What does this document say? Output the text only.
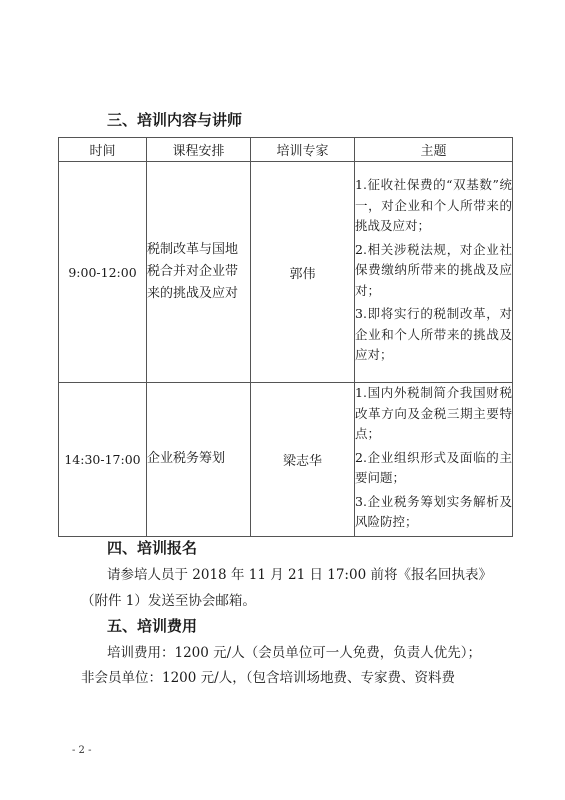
三、培训内容与讲师
时间	课程安排	培训专家	主题
9:00-12:00	税制改革与国地税合并对企业带来的挑战及应对	郭伟	1.征收社保费的“双基数”统一，对企业和个人所带来的挑战及应对；

2.相关涉税法规，对企业社保费缴纳所带来的挑战及应对；

3.即将实行的税制改革，对企业和个人所带来的挑战及应对；

14:30-17:00	企业税务筹划	梁志华	1.国内外税制简介我国财税改革方向及金税三期主要特点；

2.企业组织形式及面临的主要问题；

3.企业税务筹划实务解析及风险防控；

四、培训报名
请参培人员于 2018 年 11 月 21 日 17:00 前将《报名回执表》
（附件 1）发送至协会邮箱。
五、培训费用
培训费用：1200 元/人（会员单位可一人免费，负责人优先）；
非会员单位：1200 元/人，（包含培训场地费、专家费、资料费
- 2 -
